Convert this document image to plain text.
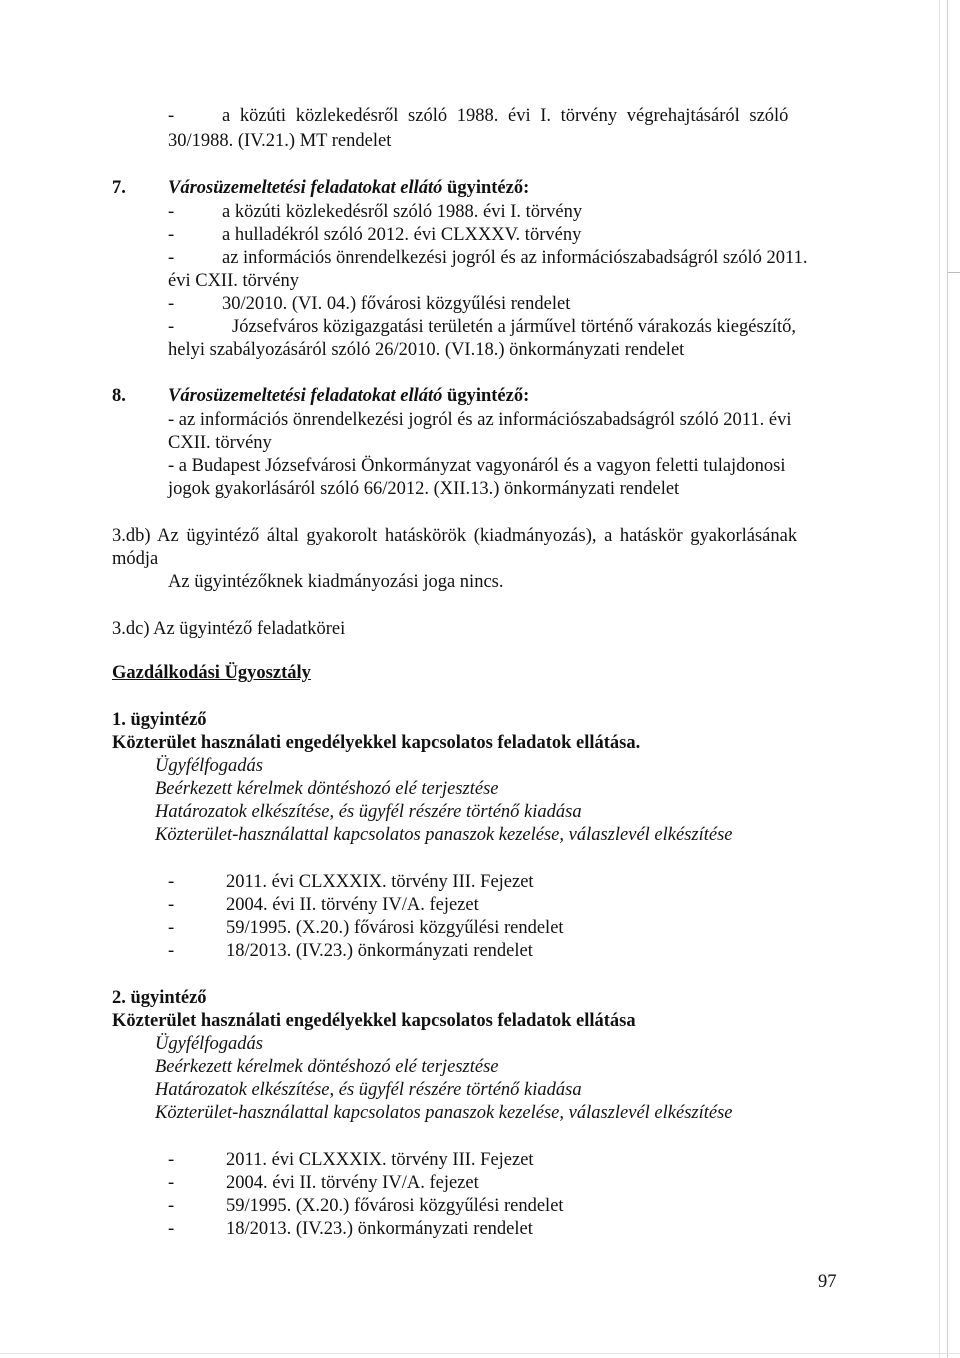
-	a közúti közlekedésről szóló 1988. évi I. törvény végrehajtásáról szóló
30/1988. (IV.21.) MT rendelet
7. Városüzemeltetési feladatokat ellátó ügyintéző:
-	a közúti közlekedésről szóló 1988. évi I. törvény
-	a hulladékról szóló 2012. évi CLXXXV. törvény
-	az információs önrendelkezési jogról és az információszabadságról szóló 2011.
évi CXII. törvény
-	30/2010. (VI. 04.) fővárosi közgyűlési rendelet
-	Józsefváros közigazgatási területén a járművel történő várakozás kiegészítő,
helyi szabályozásáról szóló 26/2010. (VI.18.) önkormányzati rendelet
8. Városüzemeltetési feladatokat ellátó ügyintéző:
- az információs önrendelkezési jogról és az információszabadságról szóló 2011. évi
CXII. törvény
- a Budapest Józsefvárosi Önkormányzat vagyonáról és a vagyon feletti tulajdonosi
jogok gyakorlásáról szóló 66/2012. (XII.13.) önkormányzati rendelet
3.db) Az ügyintéző által gyakorolt hatáskörök (kiadmányozás), a hatáskör gyakorlásának
módja
Az ügyintézőknek kiadmányozási joga nincs.
3.dc) Az ügyintéző feladatkörei
Gazdálkodási Ügyosztály
1. ügyintéző
Közterület használati engedélyekkel kapcsolatos feladatok ellátása.
Ügyfélfogadás
Beérkezett kérelmek döntéshozó elé terjesztése
Határozatok elkészítése, és ügyfél részére történő kiadása
Közterület-használattal kapcsolatos panaszok kezelése, válaszlevél elkészítése
-	2011. évi CLXXXIX. törvény III. Fejezet
-	2004. évi II. törvény IV/A. fejezet
-	59/1995. (X.20.) fővárosi közgyűlési rendelet
-	18/2013. (IV.23.) önkormányzati rendelet
2. ügyintéző
Közterület használati engedélyekkel kapcsolatos feladatok ellátása
Ügyfélfogadás
Beérkezett kérelmek döntéshozó elé terjesztése
Határozatok elkészítése, és ügyfél részére történő kiadása
Közterület-használattal kapcsolatos panaszok kezelése, válaszlevél elkészítése
-	2011. évi CLXXXIX. törvény III. Fejezet
-	2004. évi II. törvény IV/A. fejezet
-	59/1995. (X.20.) fővárosi közgyűlési rendelet
-	18/2013. (IV.23.) önkormányzati rendelet
97
